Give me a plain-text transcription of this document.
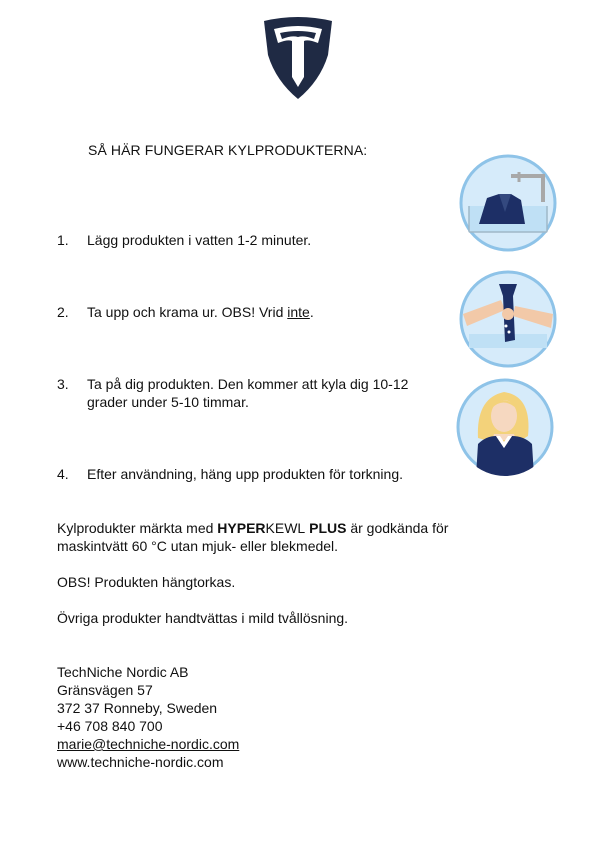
SÅ HÄR FUNGERAR KYLPRODUKTERNA:
1. Lägg produkten i vatten 1-2 minuter.
2. Ta upp och krama ur. OBS! Vrid inte.
3. Ta på dig produkten. Den kommer att kyla dig 10-12
grader under 5-10 timmar.
4. Efter användning, häng upp produkten för torkning.
Kylprodukter märkta med HYPERKEWL PLUS är godkända för
maskintvätt 60 °C utan mjuk- eller blekmedel.
OBS! Produkten hängtorkas.
Övriga produkter handtvättas i mild tvållösning.
TechNiche Nordic AB
Gränsvägen 57
372 37 Ronneby, Sweden
+46 708 840 700
marie@techniche-nordic.com
www.techniche-nordic.com
